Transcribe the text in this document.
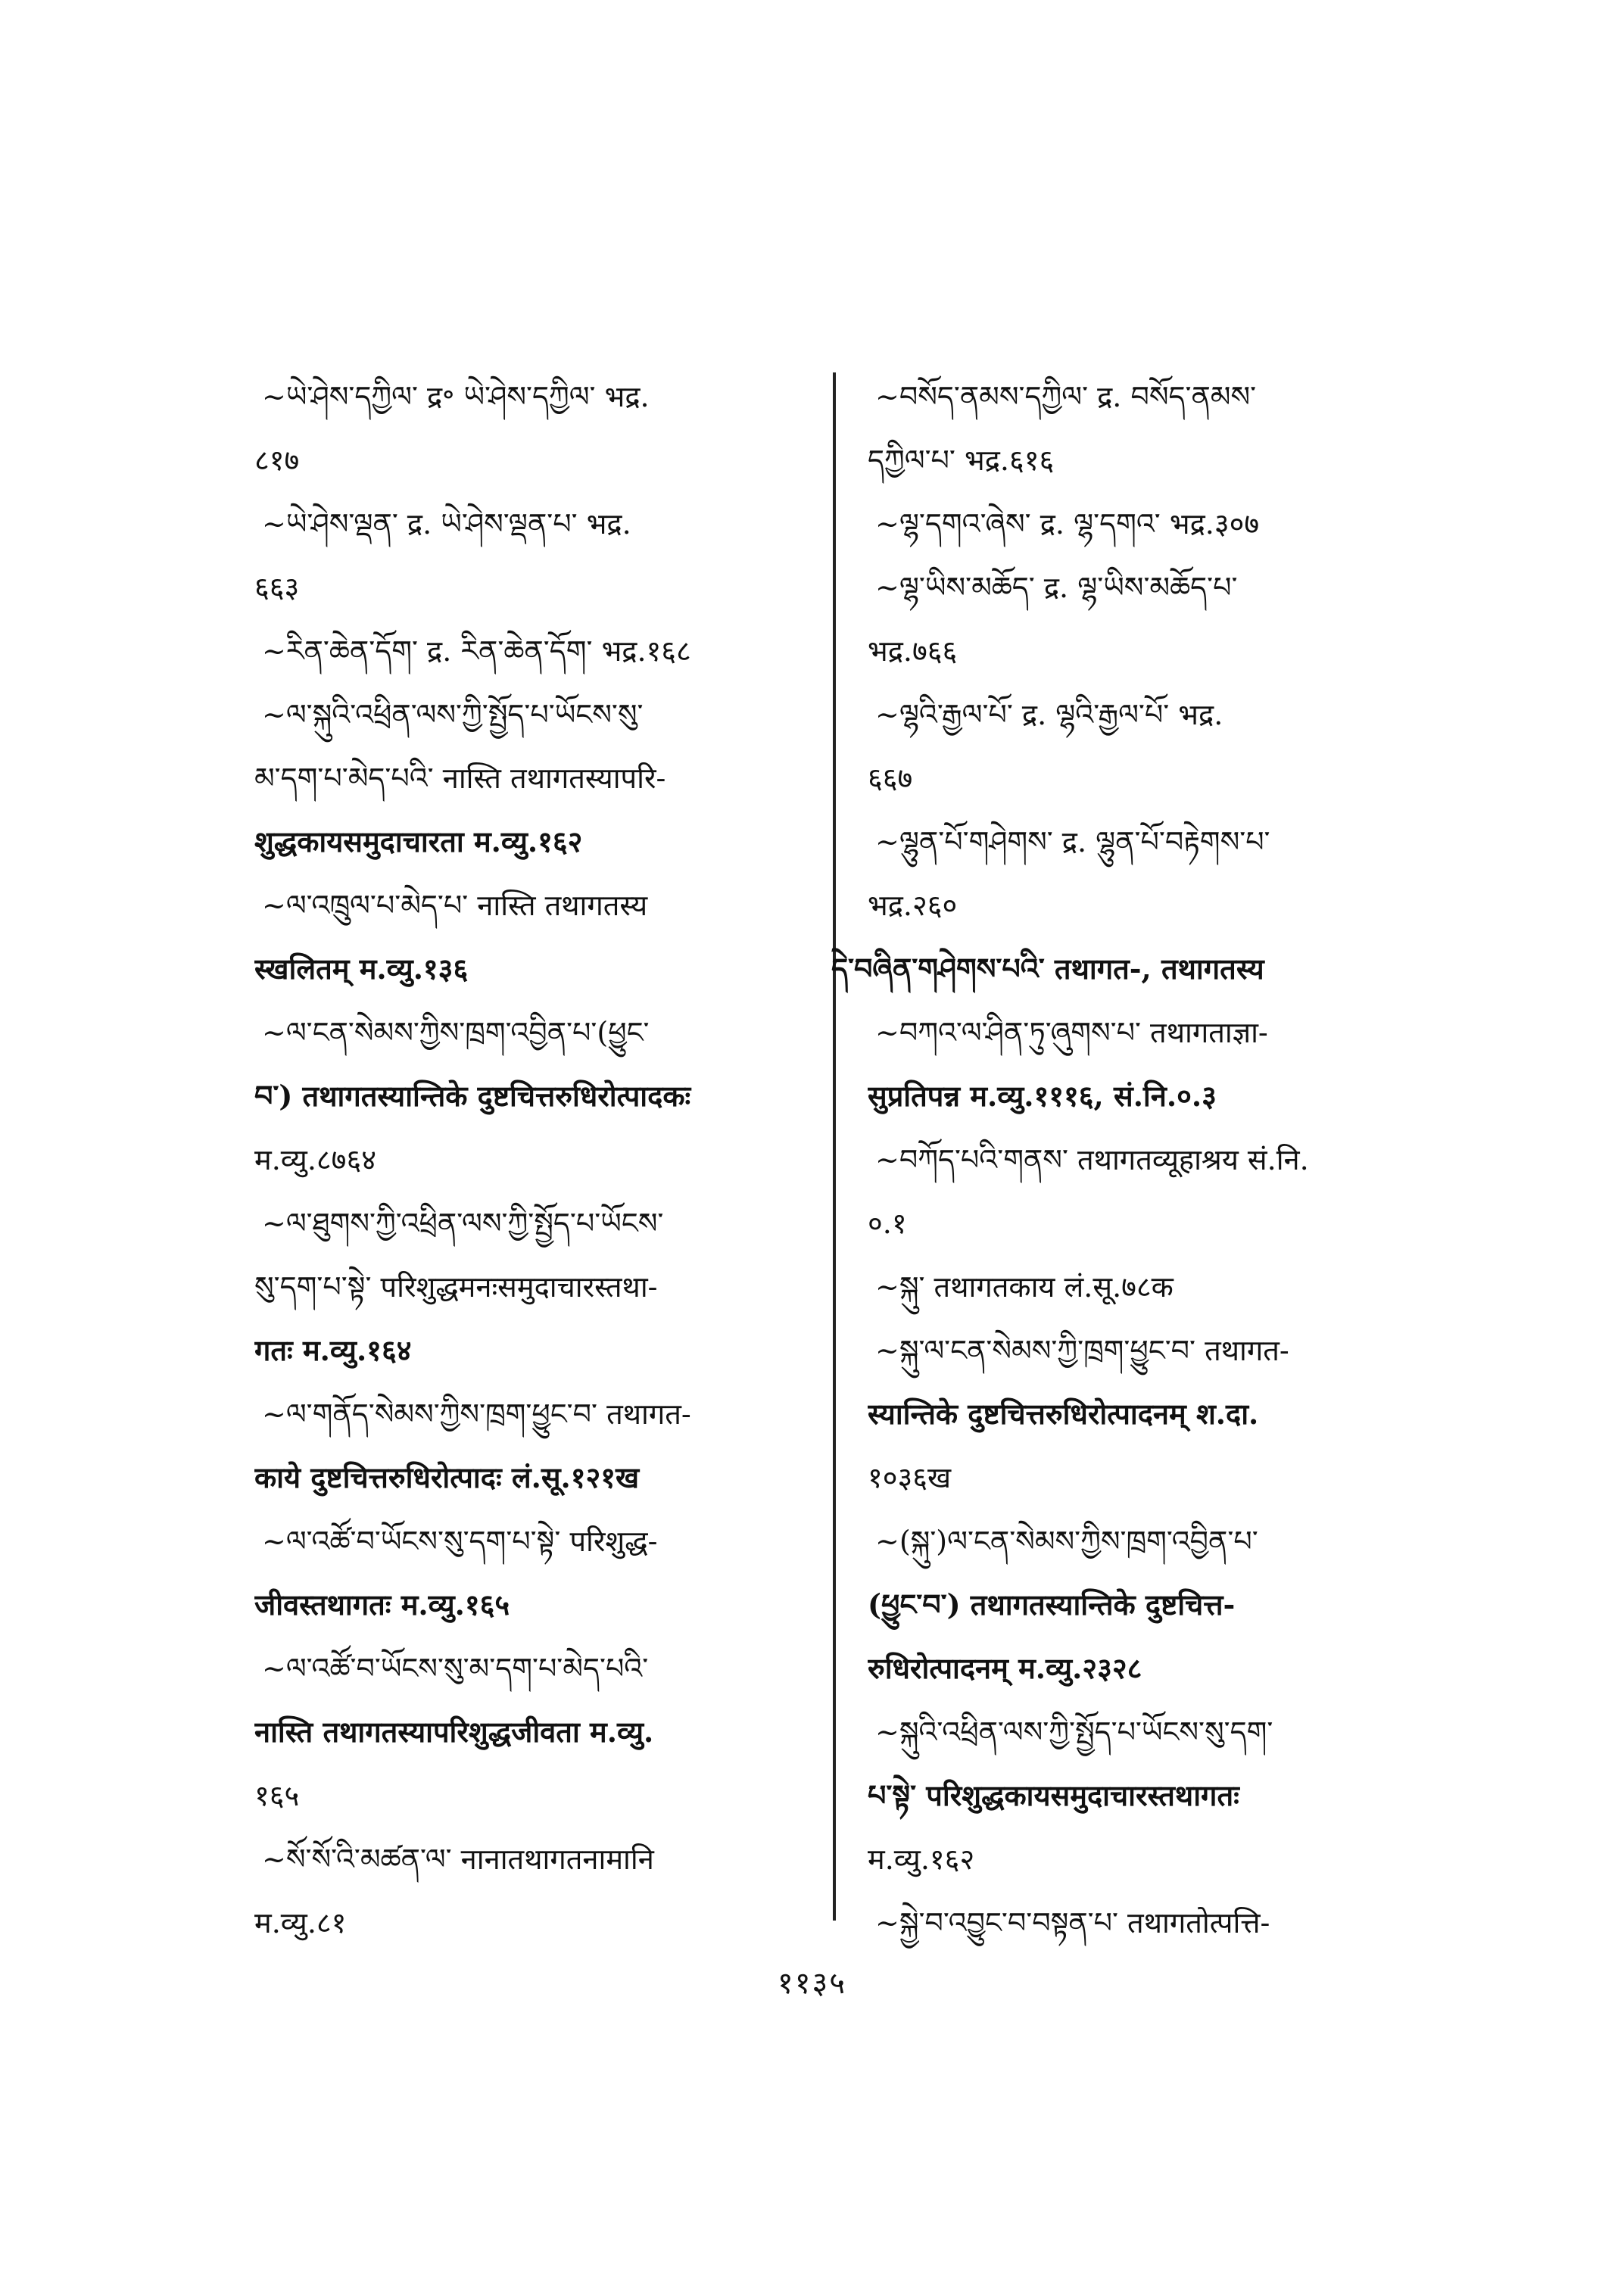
~ཡེ་ཤེས་དཀྱིལ་ द्र॰ ཡེ་ཤེས་དཀྱིལ་ भद्र.
८१७
~ཡེ་ཤེས་ལྡན་ द्र. ཡེ་ཤེས་ལྡན་པ་ भद्र.
६६३
~རིན་ཆེན་དོག་ द्र. རིན་ཆེན་དོག་ भद्र.१६८
~ལ་སྐུའི་འཕྲིན་ལས་ཀྱི་སྤྱོད་པ་ཡོངས་སུ་
མ་དག་པ་མེད་པའི་ नास्ति तथागतस्यापरि-
शुद्धकायसमुदाचारता म.व्यु.१६२
~ལ་འཁྲུལ་པ་མེད་པ་ नास्ति तथागतस्य
स्खलितम् म.व्यु.१३६
~ལ་ངན་སེམས་ཀྱིས་ཁྲག་འབྱིན་པ་(ཕྱུང་
བ་) तथागतस्यान्तिके दुष्टचित्तरुधिरोत्पादकः
म.व्यु.८७६४
~ལ་ཐུགས་ཀྱི་འཕྲིན་ལས་ཀྱི་སྤྱོད་པ་ཡོངས་
སུ་དག་པ་སྟེ་ परिशुद्धमनःसमुदाचारस्तथा-
गतः म.व्यु.१६४
~ལ་གནོད་སེམས་ཀྱིས་ཁྲག་ཕྱུང་བ་ तथागत-
काये दुष्टचित्तरुधिरोत्पादः लं.सू.१२१ख
~ལ་འཚོ་བ་ཡོངས་སུ་དག་པ་སྟེ་ परिशुद्ध-
जीवस्तथागतः म.व्यु.१६५
~ལ་འཚོ་བ་ཡོངས་སུ་མ་དག་པ་མེད་པའི་
नास्ति तथागतस्यापरिशुद्धजीवता म.व्यु.
१६५
~སོ་སོ་འི་མཚན་ལ་ नानातथागतनामानि
म.व्यु.८१
~བསོད་ནམས་དཀྱིལ་ द्र. བསོད་ནམས་
དཀྱིལ་པ་ भद्र.६१६
~ལྷ་དགའ་ཞེས་ द्र. ལྷ་དགའ་ भद्र.३०७
~ལྷ་ཡིས་མཆོད་ द्र. ལྷ་ཡིས་མཆོད་པ་
भद्र.७६६
~ལྷའི་རྒྱལ་པོ་ द्र. ལྷའི་རྒྱལ་པོ་ भद्र.
६६७
~ལྷུན་པོ་གཤེགས་ द्र. ལྷུན་པོ་བརྟེགས་པ་
भद्र.२६०
དེ་བཞིན་གཤེགས་པའི་ तथागत-, तथागतस्य
~བཀའ་ལ་ཤིན་ཏུ་ཞུགས་པ་ तथागताज्ञा-
सुप्रतिपन्न म.व्यु.१११६, सं.नि.०.३
~བཀོད་པའི་གནས་ तथागतव्यूहाश्रय सं.नि.
०.१
~སྐུ་ तथागतकाय लं.सू.७८क
~སྐུ་ལ་ངན་སེམས་ཀྱི་ཁྲག་ཕྱུང་བ་ तथागत-
स्यान्तिके दुष्टचित्तरुधिरोत्पादनम् श.दा.
१०३६ख
~(སྐུ་)ལ་ངན་སེམས་ཀྱིས་ཁྲག་འབྱིན་པ་
(ཕྱུང་བ་) तथागतस्यान्तिके दुष्टचित्त-
रुधिरोत्पादनम् म.व्यु.२३२८
~སྐུའི་འཕྲིན་ལས་ཀྱི་སྤྱོད་པ་ཡོངས་སུ་དག་
པ་སྟེ་ परिशुद्धकायसमुदाचारस्तथागतः
म.व्यु.१६२
~སྐྱེ་བ་འབྱུང་བ་བསྟན་པ་ तथागतोत्पत्ति-
११३५
